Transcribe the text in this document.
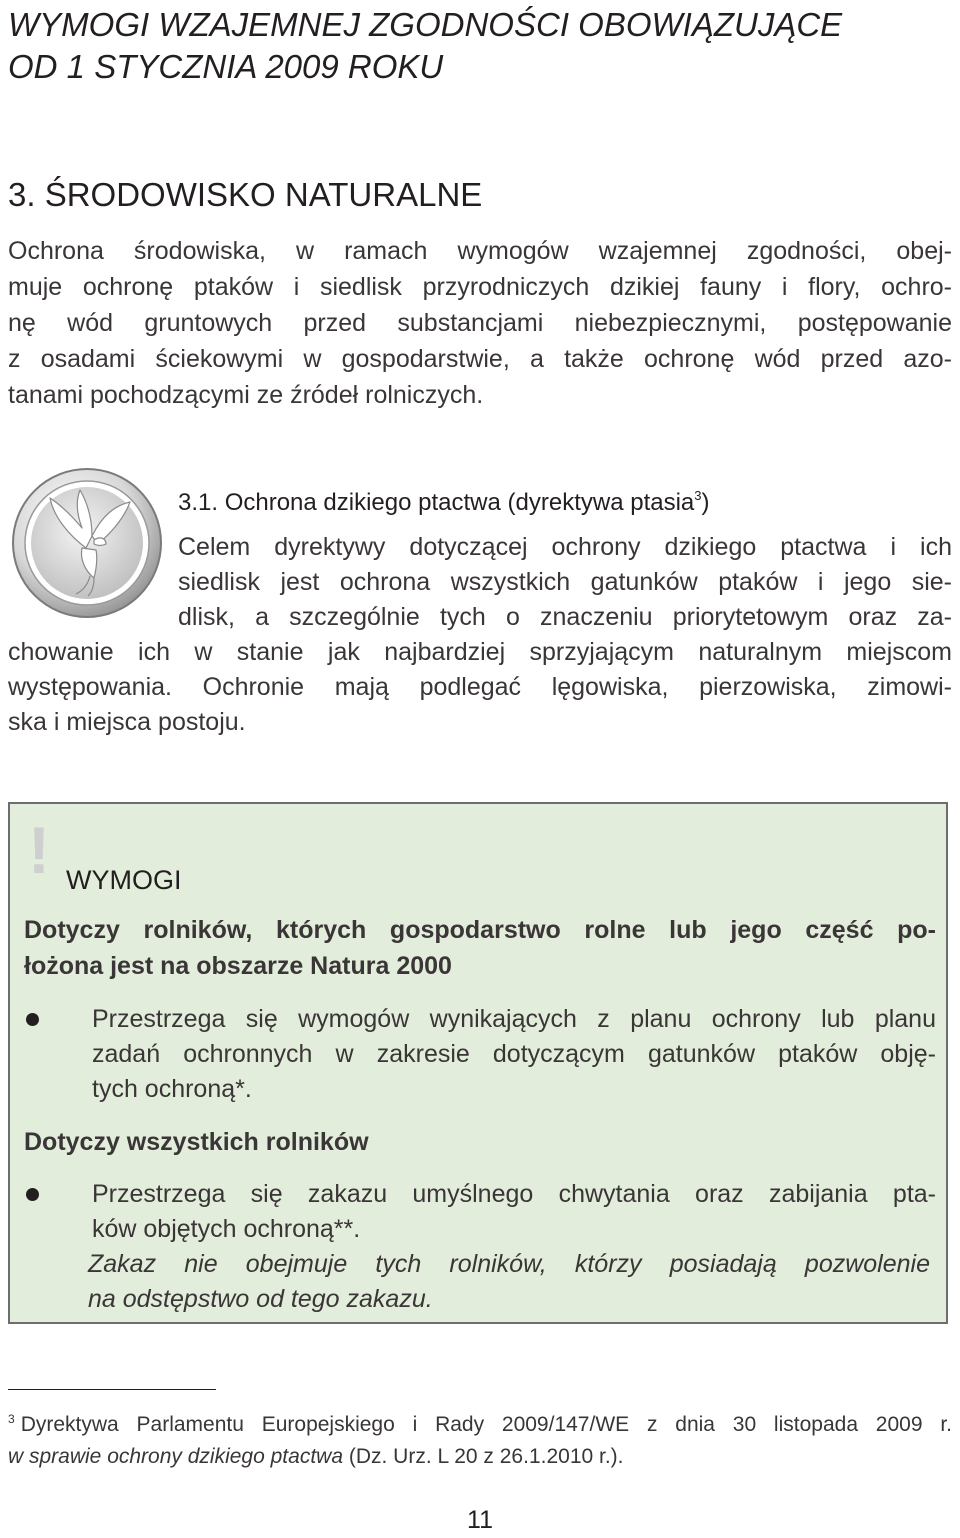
WYMOGI WZAJEMNEJ ZGODNOŚCI OBOWIĄZUJĄCE
OD 1 STYCZNIA 2009 ROKU
3. ŚRODOWISKO NATURALNE
Ochrona środowiska, w ramach wymogów wzajemnej zgodności, obej-
muje ochronę ptaków i siedlisk przyrodniczych dzikiej fauny i flory, ochro-
nę wód gruntowych przed substancjami niebezpiecznymi, postępowanie
z osadami ściekowymi w gospodarstwie, a także ochronę wód przed azo-
tanami pochodzącymi ze źródeł rolniczych.
3.1. Ochrona dzikiego ptactwa (dyrektywa ptasia$^3$)
Celem dyrektywy dotyczącej ochrony dzikiego ptactwa i ich
siedlisk jest ochrona wszystkich gatunków ptaków i jego sie-
dlisk, a szczególnie tych o znaczeniu priorytetowym oraz za-
chowanie ich w stanie jak najbardziej sprzyjającym naturalnym miejscom
występowania. Ochronie mają podlegać lęgowiska, pierzowiska, zimowi-
ska i miejsca postoju.
! WYMOGI
Dotyczy rolników, których gospodarstwo rolne lub jego część po-
łożona jest na obszarze Natura 2000
Przestrzega się wymogów wynikających z planu ochrony lub planu
zadań ochronnych w zakresie dotyczącym gatunków ptaków obję-
tych ochroną*.
Dotyczy wszystkich rolników
Przestrzega się zakazu umyślnego chwytania oraz zabijania pta-
ków objętych ochroną**.
Zakaz nie obejmuje tych rolników, którzy posiadają pozwolenie
na odstępstwo od tego zakazu.
$^3$ Dyrektywa Parlamentu Europejskiego i Rady 2009/147/WE z dnia 30 listopada 2009 r.
w sprawie ochrony dzikiego ptactwa (Dz. Urz. L 20 z 26.1.2010 r.).
11
